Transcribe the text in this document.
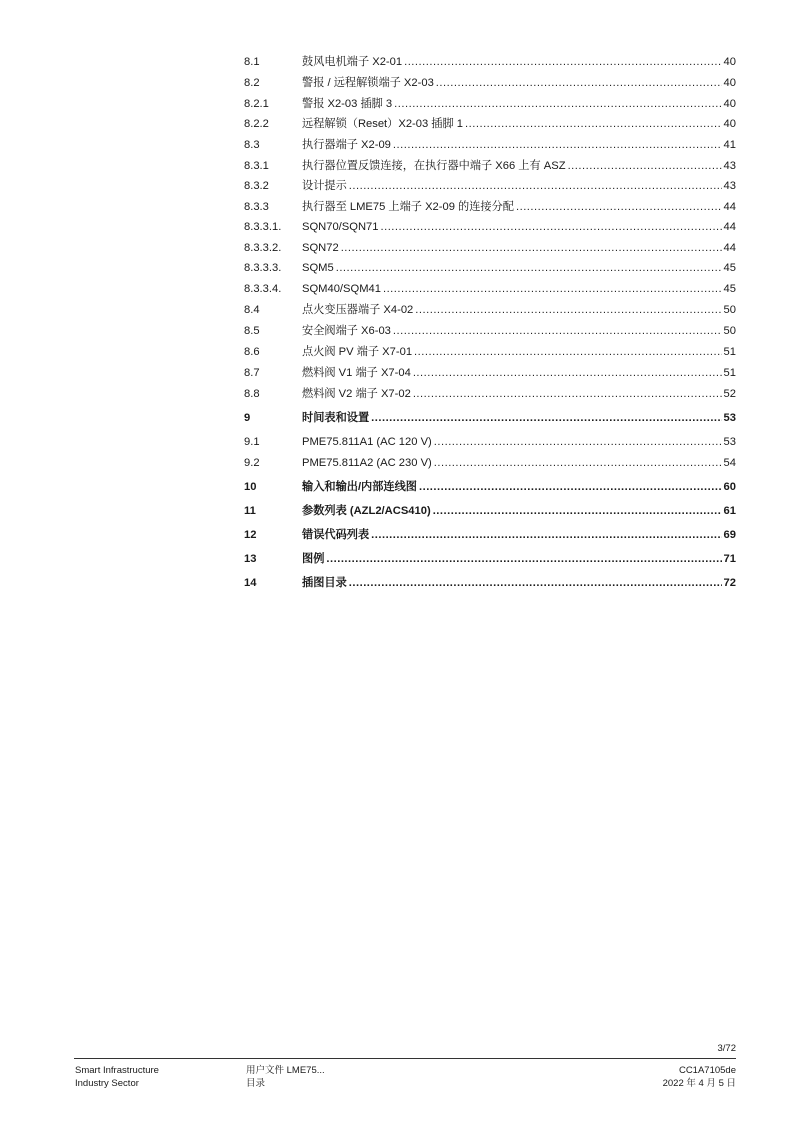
8.1	鼓风电机端子 X2-01 .....	40
8.2	警报 / 远程解锁端子 X2-03 .....	40
8.2.1	警报 X2-03 插脚 3 .....	40
8.2.2	远程解锁（Reset）X2-03 插脚 1 .....	40
8.3	执行器端子 X2-09 .....	41
8.3.1	执行器位置反馈连接，在执行器中端子 X66 上有 ASZ .....	43
8.3.2	设计提示 .....	43
8.3.3	执行器至 LME75 上端子 X2-09 的连接分配 .....	44
8.3.3.1.	SQN70/SQN71 .....	44
8.3.3.2.	SQN72 .....	44
8.3.3.3.	SQM5 .....	45
8.3.3.4.	SQM40/SQM41 .....	45
8.4	点火变压器端子 X4-02 .....	50
8.5	安全阀端子 X6-03 .....	50
8.6	点火阀 PV 端子 X7-01 .....	51
8.7	燃料阀 V1 端子 X7-04 .....	51
8.8	燃料阀 V2 端子 X7-02 .....	52
9	时间表和设置 .....	53
9.1	PME75.811A1 (AC 120 V) .....	53
9.2	PME75.811A2 (AC 230 V) .....	54
10	输入和输出/内部连线图 .....	60
11	参数列表 (AZL2/ACS410) .....	61
12	错误代码列表 .....	69
13	图例 .....	71
14	插图目录 .....	72
3/72
Smart Infrastructure
Industry Sector
用户文件 LME75...
目录
CC1A7105de
2022 年 4 月 5 日
